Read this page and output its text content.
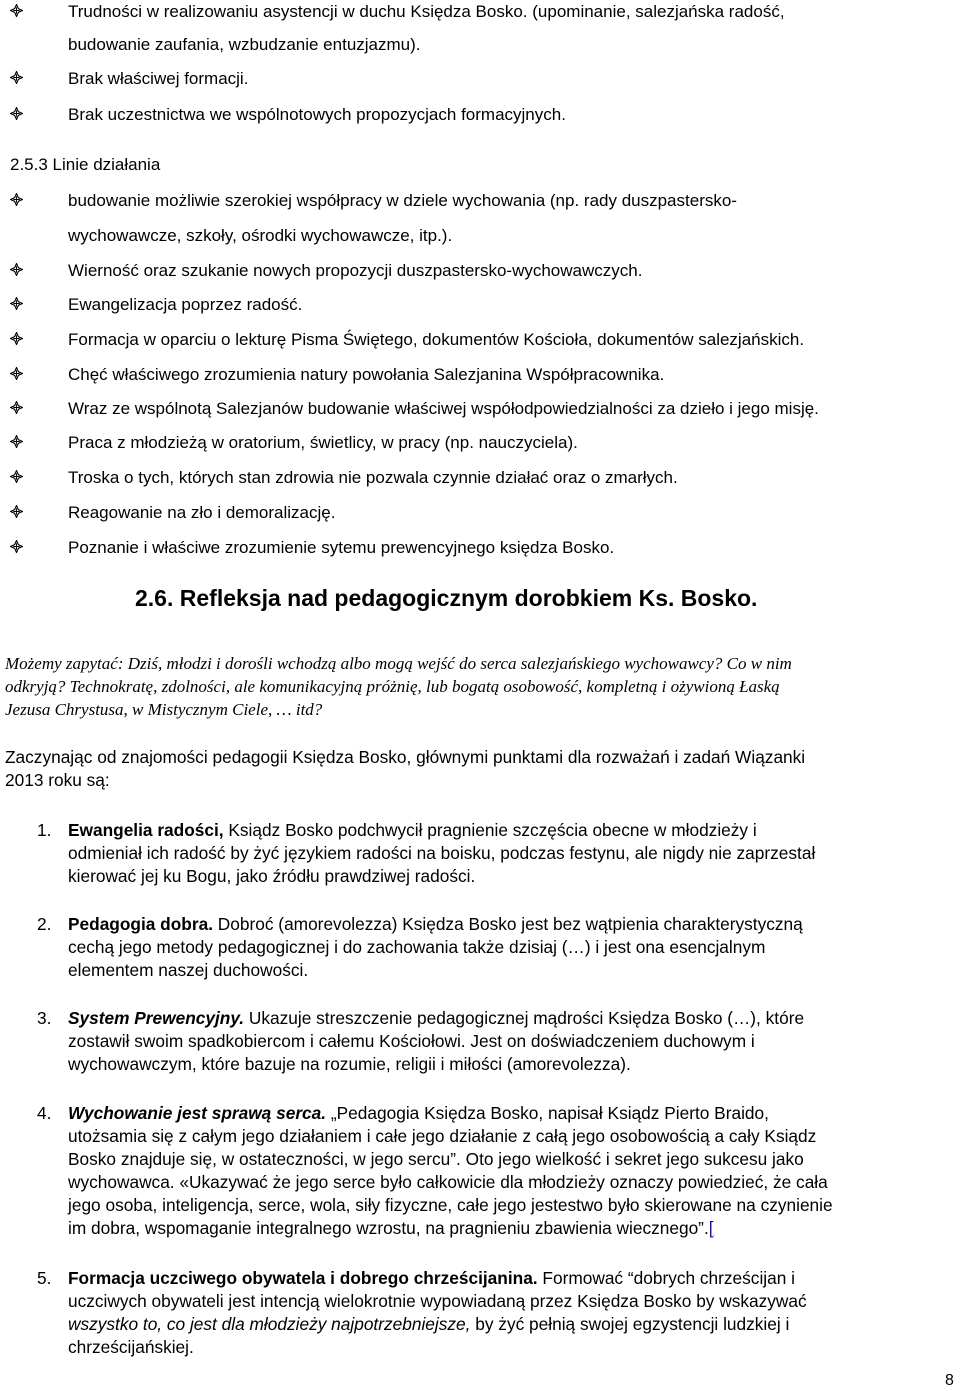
Trudności w realizowaniu asystencji w duchu Księdza Bosko. (upominanie, salezjańska radość,
budowanie zaufania, wzbudzanie entuzjazmu).
Brak właściwej formacji.
Brak uczestnictwa we wspólnotowych propozycjach formacyjnych.
2.5.3 Linie działania
budowanie możliwie szerokiej współpracy w dziele wychowania (np. rady duszpastersko-
wychowawcze, szkoły, ośrodki wychowawcze, itp.).
Wierność oraz szukanie nowych propozycji duszpastersko-wychowawczych.
Ewangelizacja poprzez radość.
Formacja w oparciu o lekturę Pisma Świętego, dokumentów Kościoła, dokumentów salezjańskich.
Chęć właściwego zrozumienia natury powołania Salezjanina Współpracownika.
Wraz ze wspólnotą Salezjanów budowanie właściwej współodpowiedzialności za dzieło i jego misję.
Praca z młodzieżą w oratorium, świetlicy, w pracy (np. nauczyciela).
Troska o tych, których stan zdrowia nie pozwala czynnie działać oraz o zmarłych.
Reagowanie na zło i demoralizację.
Poznanie i właściwe zrozumienie sytemu prewencyjnego księdza Bosko.
2.6. Refleksja nad pedagogicznym dorobkiem Ks. Bosko.
Możemy zapytać: Dziś, młodzi i dorośli wchodzą albo mogą wejść do serca salezjańskiego wychowawcy? Co w nim
odkryją? Technokratę, zdolności, ale komunikacyjną próżnię, lub bogatą osobowość, kompletną i ożywioną Łaską
Jezusa Chrystusa, w Mistycznym Ciele, … itd?
Zaczynając od znajomości pedagogii Księdza Bosko, głównymi punktami dla rozważań i zadań Wiązanki
2013 roku są:
1. Ewangelia radości, Ksiądz Bosko podchwycił pragnienie szczęścia obecne w młodzieży i
odmieniał ich radość by żyć językiem radości na boisku, podczas festynu, ale nigdy nie zaprzestał
kierować jej ku Bogu, jako źródłu prawdziwej radości.
2. Pedagogia dobra. Dobroć (amorevolezza) Księdza Bosko jest bez wątpienia charakterystyczną
cechą jego metody pedagogicznej i do zachowania także dzisiaj (…) i jest ona esencjalnym
elementem naszej duchowości.
3. System Prewencyjny. Ukazuje streszczenie pedagogicznej mądrości Księdza Bosko (…), które
zostawił swoim spadkobiercom i całemu Kościołowi. Jest on doświadczeniem duchowym i
wychowawczym, które bazuje na rozumie, religii i miłości (amorevolezza).
4. Wychowanie jest sprawą serca. „Pedagogia Księdza Bosko, napisał Ksiądz Pierto Braido,
utożsamia się z całym jego działaniem i całe jego działanie z całą jego osobowością a cały Ksiądz
Bosko znajduje się, w ostateczności, w jego sercu”. Oto jego wielkość i sekret jego sukcesu jako
wychowawca. «Ukazywać że jego serce było całkowicie dla młodzieży oznaczy powiedzieć, że cała
jego osoba, inteligencja, serce, wola, siły fizyczne, całe jego jestestwo było skierowane na czynienie
im dobra, wspomaganie integralnego wzrostu, na pragnieniu zbawienia wiecznego”.[
5. Formacja uczciwego obywatela i dobrego chrześcijanina. Formować “dobrych chrześcijan i
uczciwych obywateli jest intencją wielokrotnie wypowiadaną przez Księdza Bosko by wskazywać
wszystko to, co jest dla młodzieży najpotrzebniejsze, by żyć pełnią swojej egzystencji ludzkiej i
chrześcijańskiej.
8
